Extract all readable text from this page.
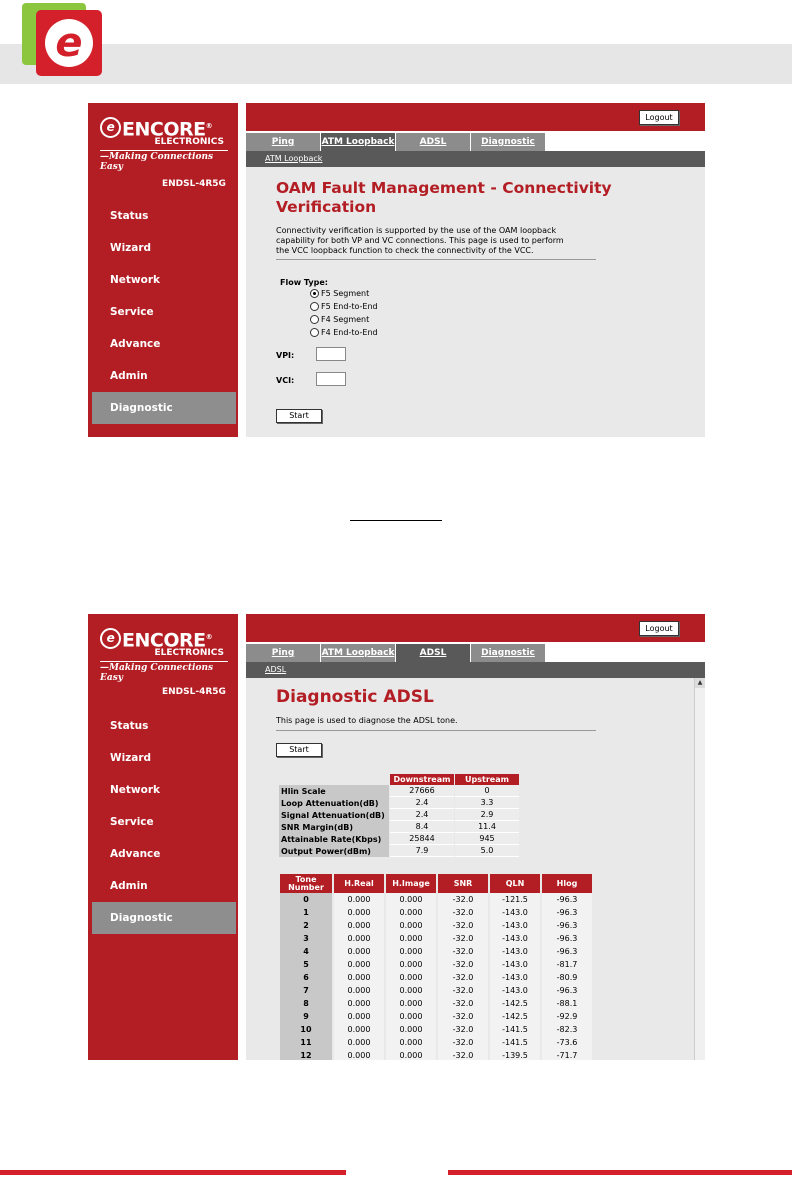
e
e ENCORE®
ELECTRONICS
—Making Connections Easy
ENDSL-4R5G
Status
Wizard
Network
Service
Advance
Admin
Diagnostic
Logout
Ping	ATM Loopback	ADSL	Diagnostic
ATM Loopback
OAM Fault Management - Connectivity
Verification
Connectivity verification is supported by the use of the OAM loopback
capability for both VP and VC connections. This page is used to perform
the VCC loopback function to check the connectivity of the VCC.
Flow Type:
F5 Segment
F5 End-to-End
F4 Segment
F4 End-to-End
VPI:
VCI:
Start
e ENCORE®
ELECTRONICS
—Making Connections Easy
ENDSL-4R5G
Status
Wizard
Network
Service
Advance
Admin
Diagnostic
Logout
Ping	ATM Loopback	ADSL	Diagnostic
ADSL
Diagnostic ADSL
This page is used to diagnose the ADSL tone.
Start
	Downstream	Upstream
Hlin Scale	27666	0
Loop Attenuation(dB)	2.4	3.3
Signal Attenuation(dB)	2.4	2.9
SNR Margin(dB)	8.4	11.4
Attainable Rate(Kbps)	25844	945
Output Power(dBm)	7.9	5.0
Tone Number	H.Real	H.Image	SNR	QLN	Hlog
0	0.000	0.000	-32.0	-121.5	-96.3
1	0.000	0.000	-32.0	-143.0	-96.3
2	0.000	0.000	-32.0	-143.0	-96.3
3	0.000	0.000	-32.0	-143.0	-96.3
4	0.000	0.000	-32.0	-143.0	-96.3
5	0.000	0.000	-32.0	-143.0	-81.7
6	0.000	0.000	-32.0	-143.0	-80.9
7	0.000	0.000	-32.0	-143.0	-96.3
8	0.000	0.000	-32.0	-142.5	-88.1
9	0.000	0.000	-32.0	-142.5	-92.9
10	0.000	0.000	-32.0	-141.5	-82.3
11	0.000	0.000	-32.0	-141.5	-73.6
12	0.000	0.000	-32.0	-139.5	-71.7
▲
